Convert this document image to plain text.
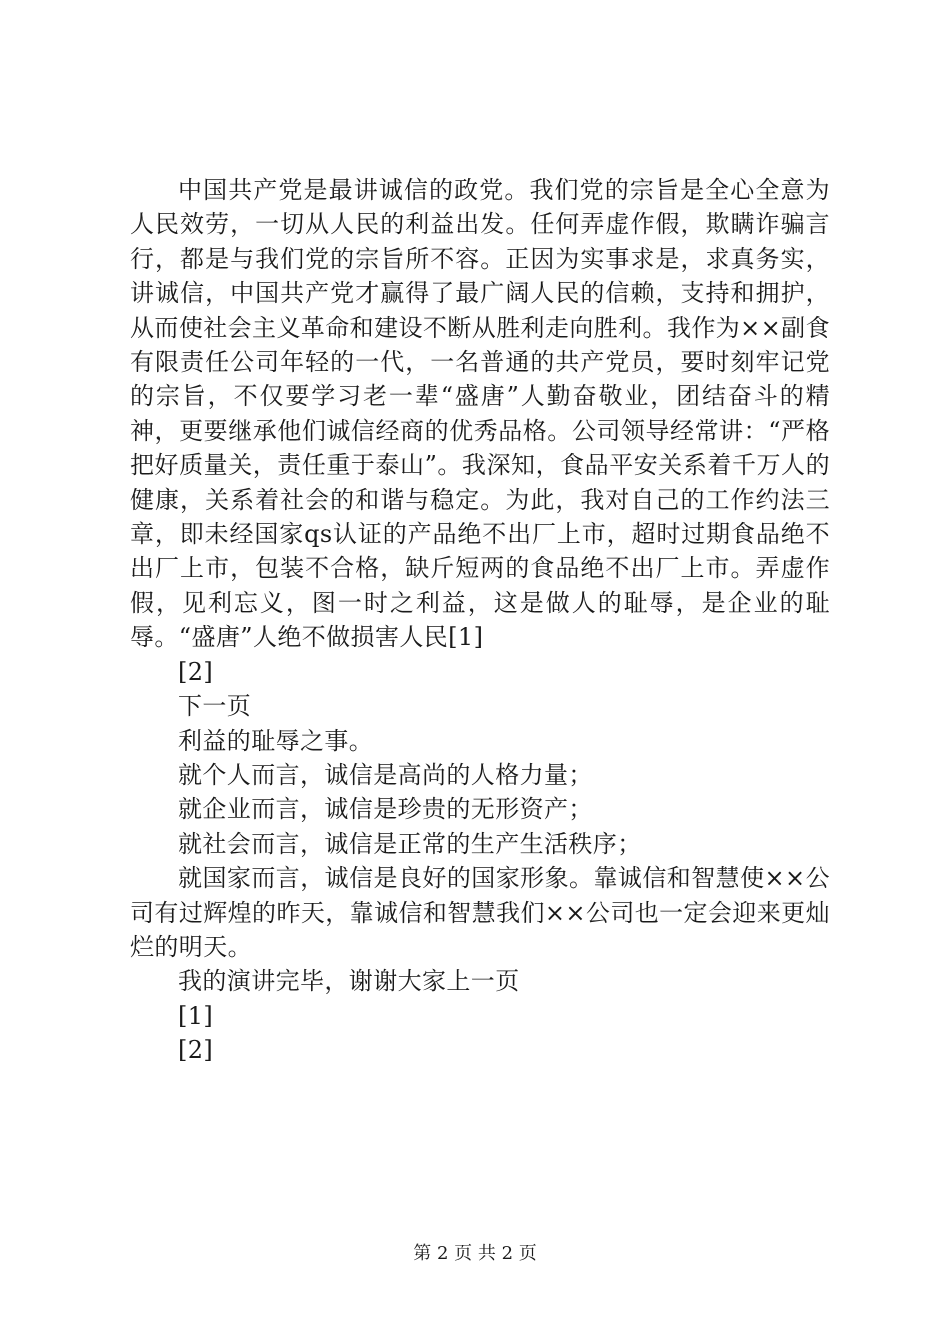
中国共产党是最讲诚信的政党。我们党的宗旨是全心全意为人民效劳，一切从人民的利益出发。任何弄虚作假，欺瞒诈骗言行，都是与我们党的宗旨所不容。正因为实事求是，求真务实，讲诚信，中国共产党才赢得了最广阔人民的信赖，支持和拥护，从而使社会主义革命和建设不断从胜利走向胜利。我作为××副食有限责任公司年轻的一代，一名普通的共产党员，要时刻牢记党的宗旨，不仅要学习老一辈“盛唐”人勤奋敬业，团结奋斗的精神，更要继承他们诚信经商的优秀品格。公司领导经常讲：“严格把好质量关，责任重于泰山”。我深知，食品平安关系着千万人的健康，关系着社会的和谐与稳定。为此，我对自己的工作约法三章，即未经国家qs认证的产品绝不出厂上市，超时过期食品绝不出厂上市，包装不合格，缺斤短两的食品绝不出厂上市。弄虚作假，见利忘义，图一时之利益，这是做人的耻辱，是企业的耻辱。“盛唐”人绝不做损害人民[1]

[2]

下一页

利益的耻辱之事。

就个人而言，诚信是高尚的人格力量；

就企业而言，诚信是珍贵的无形资产；

就社会而言，诚信是正常的生产生活秩序；

就国家而言，诚信是良好的国家形象。靠诚信和智慧使××公司有过辉煌的昨天，靠诚信和智慧我们××公司也一定会迎来更灿烂的明天。

我的演讲完毕，谢谢大家上一页

[1]

[2]

第 2 页 共 2 页
